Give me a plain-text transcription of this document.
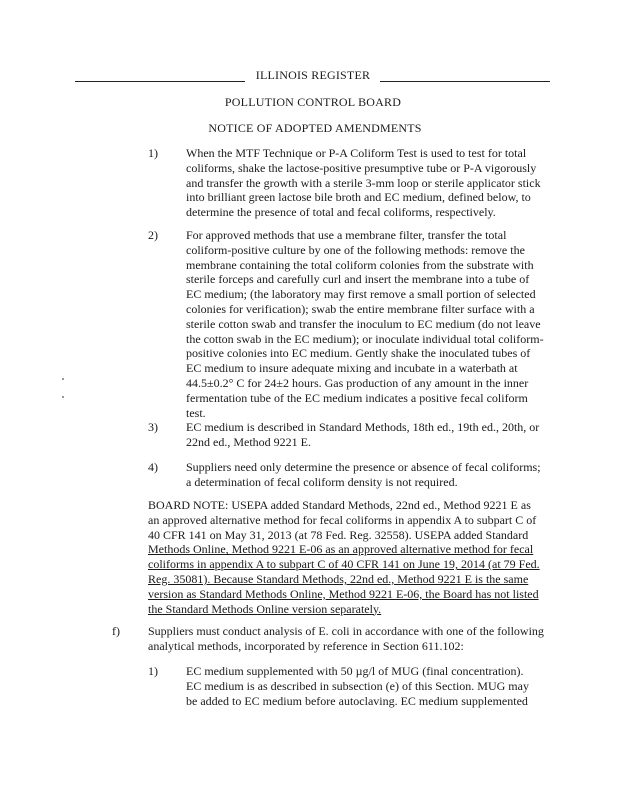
ILLINOIS REGISTER
POLLUTION CONTROL BOARD
NOTICE OF ADOPTED AMENDMENTS
1) When the MTF Technique or P-A Coliform Test is used to test for total
coliforms, shake the lactose-positive presumptive tube or P-A vigorously
and transfer the growth with a sterile 3-mm loop or sterile applicator stick
into brilliant green lactose bile broth and EC medium, defined below, to
determine the presence of total and fecal coliforms, respectively.
2) For approved methods that use a membrane filter, transfer the total
coliform-positive culture by one of the following methods: remove the
membrane containing the total coliform colonies from the substrate with
sterile forceps and carefully curl and insert the membrane into a tube of
EC medium; (the laboratory may first remove a small portion of selected
colonies for verification); swab the entire membrane filter surface with a
sterile cotton swab and transfer the inoculum to EC medium (do not leave
the cotton swab in the EC medium); or inoculate individual total coliform-
positive colonies into EC medium. Gently shake the inoculated tubes of
EC medium to insure adequate mixing and incubate in a waterbath at
44.5±0.2° C for 24±2 hours. Gas production of any amount in the inner
fermentation tube of the EC medium indicates a positive fecal coliform
test.
3) EC medium is described in Standard Methods, 18th ed., 19th ed., 20th, or
22nd ed., Method 9221 E.
4) Suppliers need only determine the presence or absence of fecal coliforms;
a determination of fecal coliform density is not required.
BOARD NOTE: USEPA added Standard Methods, 22nd ed., Method 9221 E as
an approved alternative method for fecal coliforms in appendix A to subpart C of
40 CFR 141 on May 31, 2013 (at 78 Fed. Reg. 32558). USEPA added Standard
Methods Online, Method 9221 E-06 as an approved alternative method for fecal
coliforms in appendix A to subpart C of 40 CFR 141 on June 19, 2014 (at 79 Fed.
Reg. 35081). Because Standard Methods, 22nd ed., Method 9221 E is the same
version as Standard Methods Online, Method 9221 E-06, the Board has not listed
the Standard Methods Online version separately.
f) Suppliers must conduct analysis of E. coli in accordance with one of the following
analytical methods, incorporated by reference in Section 611.102:
1) EC medium supplemented with 50 µg/l of MUG (final concentration).
EC medium is as described in subsection (e) of this Section. MUG may
be added to EC medium before autoclaving. EC medium supplemented
